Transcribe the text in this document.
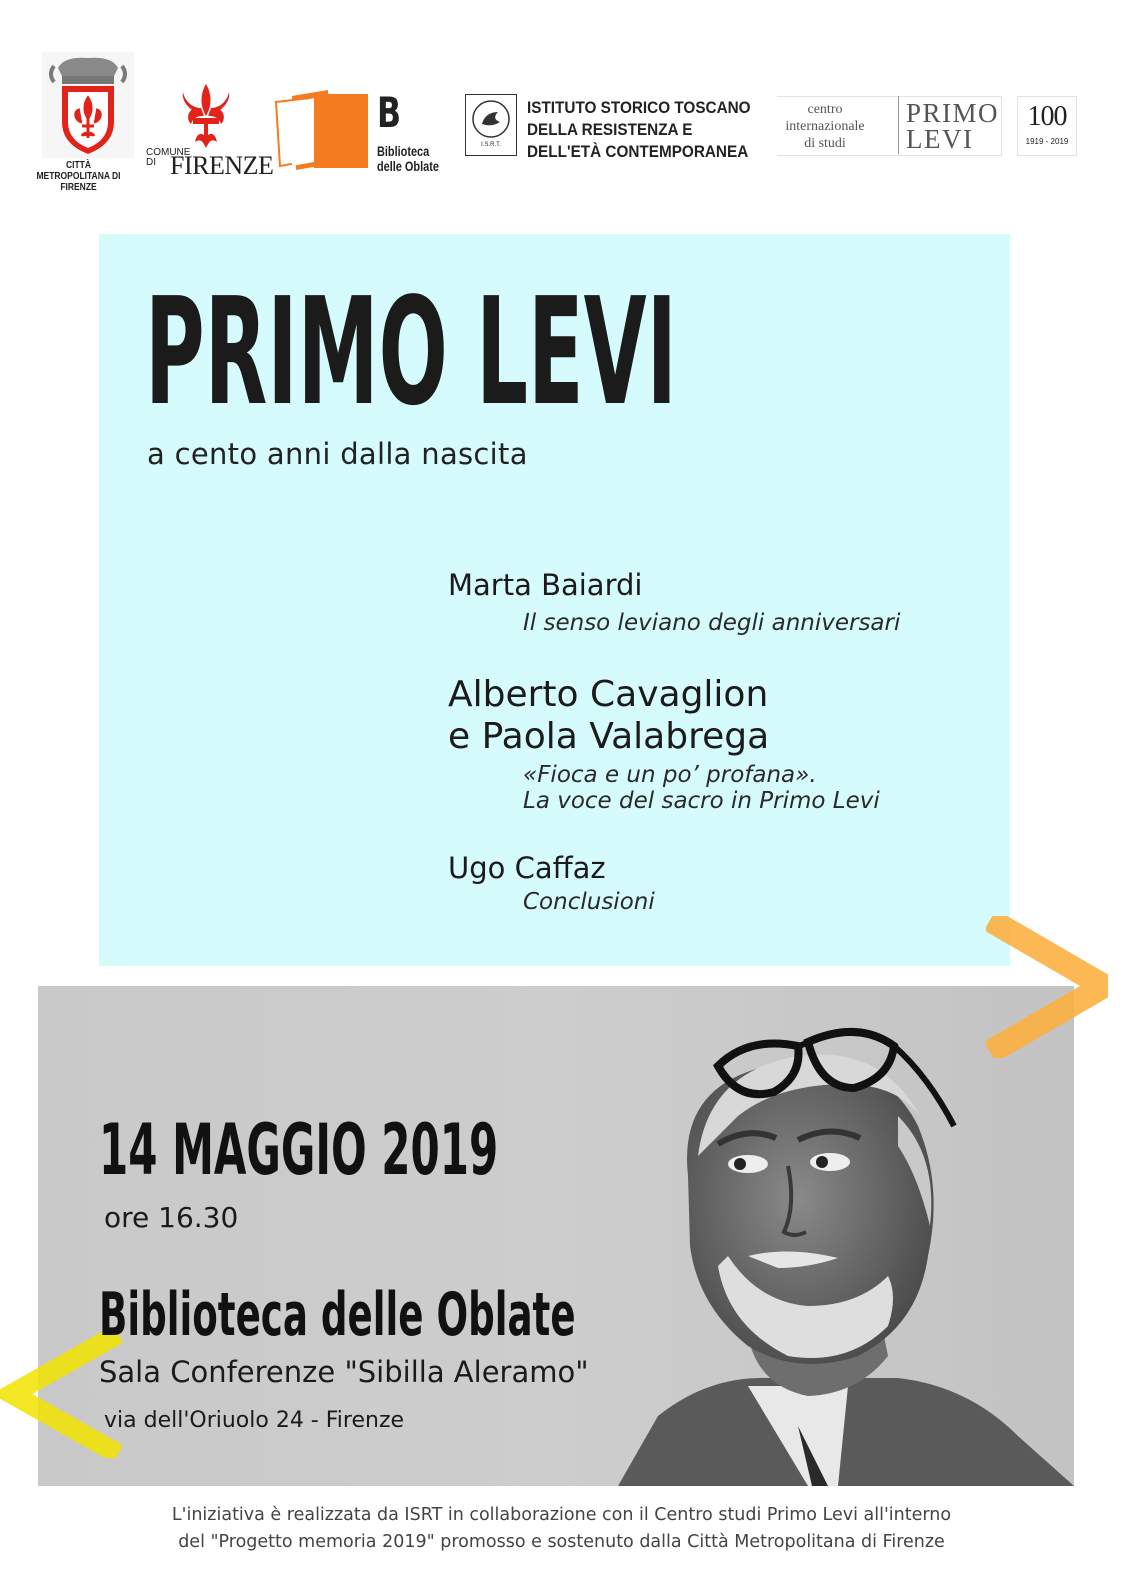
CITTÀ METROPOLITANA DI FIRENZE
COMUNE DI FIRENZE
B
Biblioteca delle Oblate
I.S.R.T.
ISTITUTO STORICO TOSCANO
DELLA RESISTENZA E
DELL'ETÀ CONTEMPORANEA
centro
internazionale
di studi
PRIMO
LEVI
100
1919 - 2019
PRIMO LEVI
a cento anni dalla nascita
Marta Baiardi
Il senso leviano degli anniversari
Alberto Cavaglion
e Paola Valabrega
«Fioca e un po’ profana».
La voce del sacro in Primo Levi
Ugo Caffaz
Conclusioni
14 MAGGIO 2019
ore 16.30
Biblioteca delle Oblate
Sala Conferenze "Sibilla Aleramo"
via dell'Oriuolo 24 - Firenze
L'iniziativa è realizzata da ISRT in collaborazione con il Centro studi Primo Levi all'interno
del "Progetto memoria 2019" promosso e sostenuto dalla Città Metropolitana di Firenze
